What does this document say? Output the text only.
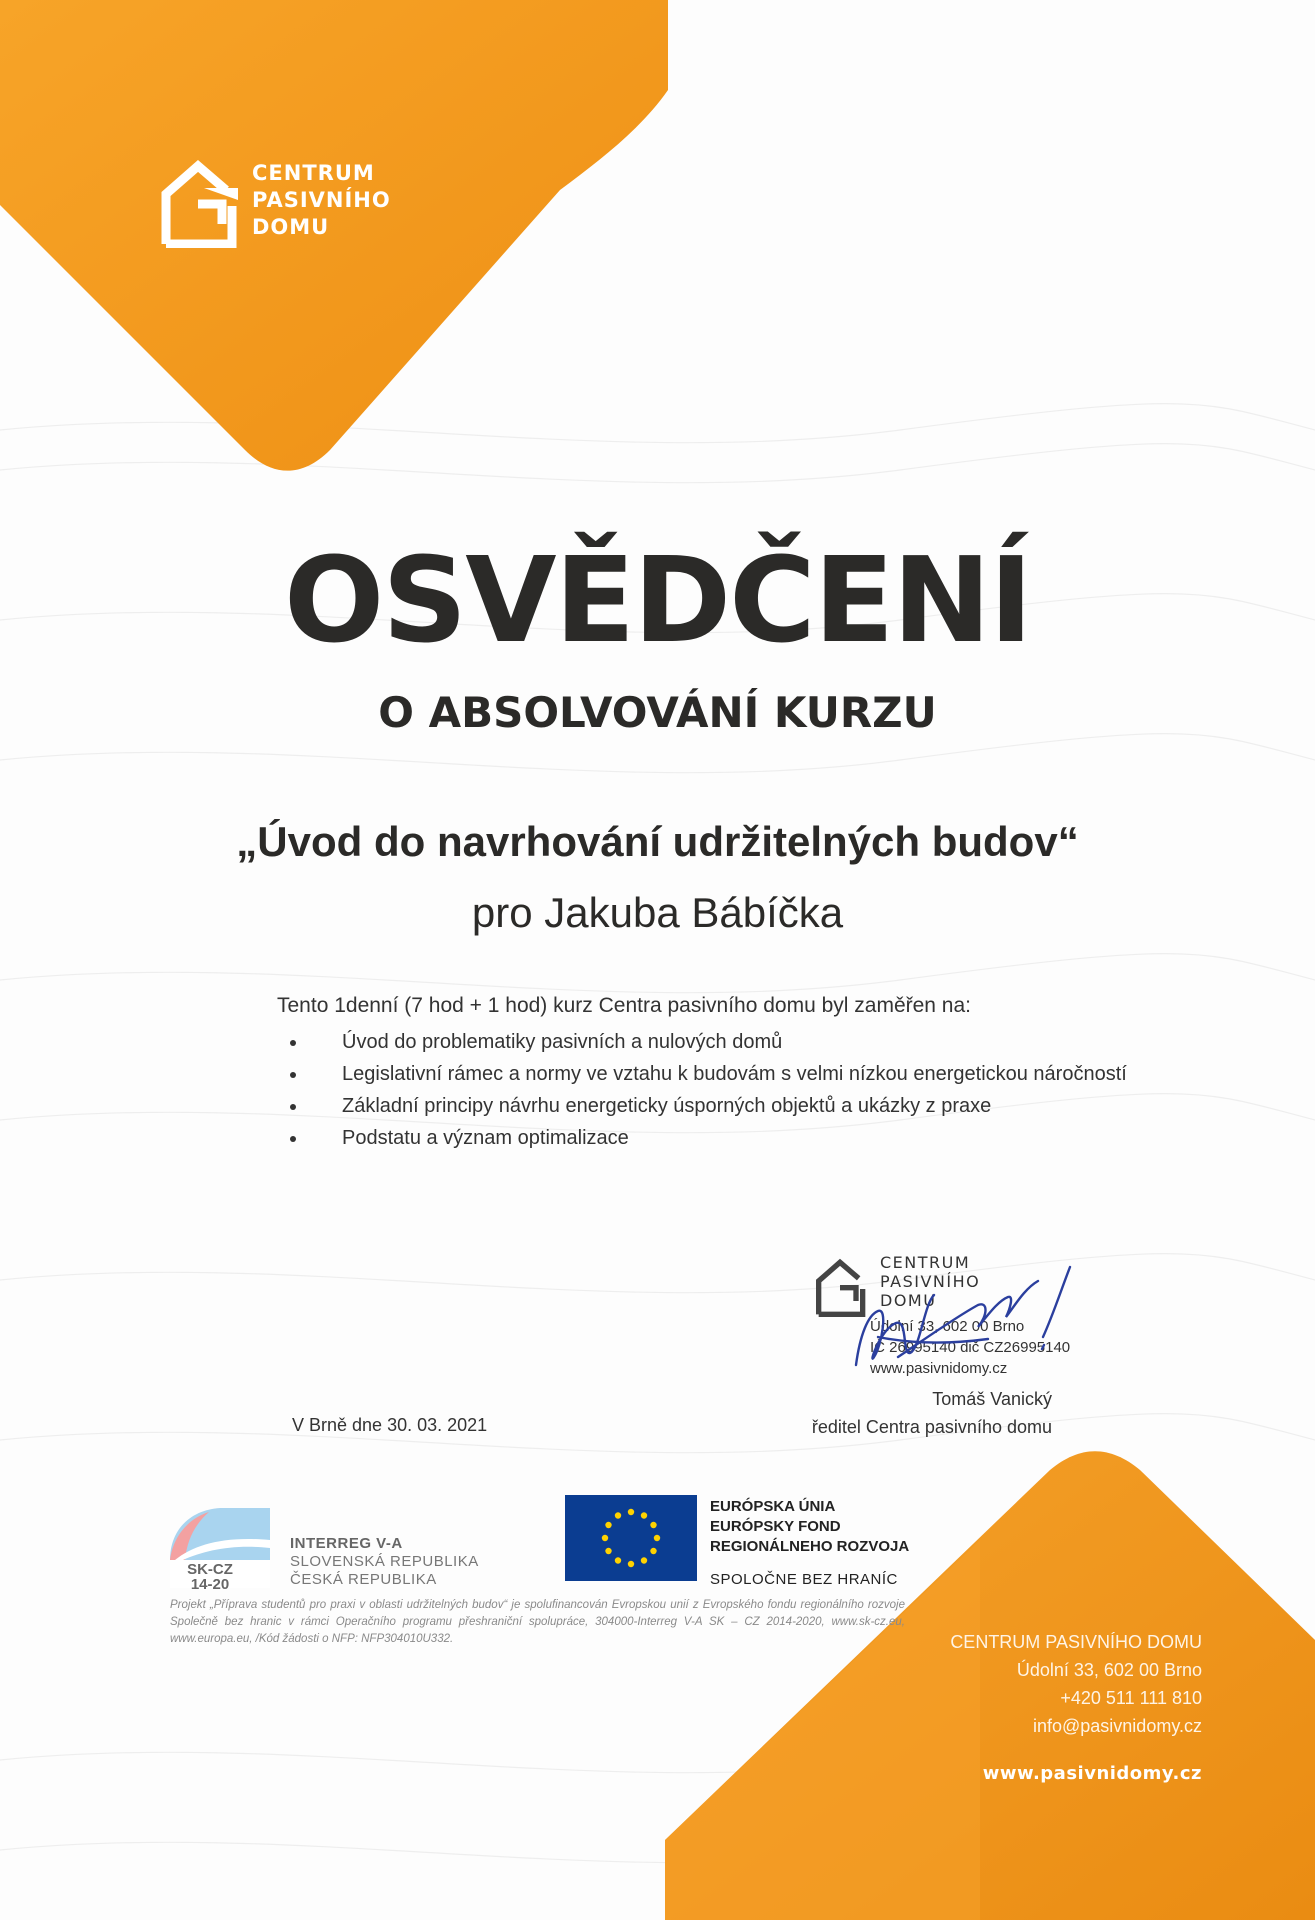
CENTRUM
PASIVNÍHO
DOMU
OSVĚDČENÍ
O ABSOLVOVÁNÍ KURZU
„Úvod do navrhování udržitelných budov“
pro Jakuba Bábíčka
Tento 1denní (7 hod + 1 hod) kurz Centra pasivního domu byl zaměřen na:
Úvod do problematiky pasivních a nulových domů
Legislativní rámec a normy ve vztahu k budovám s velmi nízkou energetickou náročností
Základní principy návrhu energeticky úsporných objektů a ukázky z praxe
Podstatu a význam optimalizace
CENTRUM
PASIVNÍHO
DOMU
Údolní 33, 602 00 Brno
IČ 26995140 dič CZ26995140
www.pasivnidomy.cz
Tomáš Vanický
ředitel Centra pasivního domu
V Brně dne 30. 03. 2021
SK-CZ
14-20
INTERREG V-A
SLOVENSKÁ REPUBLIKA
ČESKÁ REPUBLIKA
EURÓPSKA ÚNIA
EURÓPSKY FOND
REGIONÁLNEHO ROZVOJA
SPOLOČNE BEZ HRANÍC
Projekt „Příprava studentů pro praxi v oblasti udržitelných budov“ je spolufinancován Evropskou unií z Evropského fondu regionálního rozvoje Společně bez hranic v rámci Operačního programu přeshraniční spolupráce, 304000-Interreg V-A SK – CZ 2014-2020, www.sk-cz.eu, www.europa.eu, /Kód žádosti o NFP: NFP304010U332.	CENTRUM PASIVNÍHO DOMU
Údolní 33, 602 00 Brno
+420 511 111 810
info@pasivnidomy.cz
www.pasivnidomy.cz
